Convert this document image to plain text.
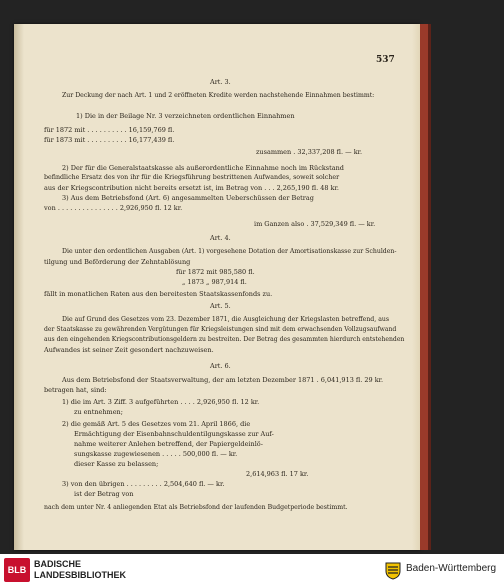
537
Art. 3.
Zur Deckung der nach Art. 1 und 2 eröffneten Kredite werden nachstehende Einnahmen bestimmt:
1) Die in der Beilage Nr. 3 verzeichneten ordentlichen Einnahmen
für 1872 mit . . . . . . . . . . 16,159,769 fl.
für 1873 mit . . . . . . . . . . 16,177,439 fl.
zusammen . 32,337,208 fl. — kr.
2) Der für die Generalstaatskasse als außerordentliche Einnahme noch im Rückstand
befindliche Ersatz des von ihr für die Kriegsführung bestrittenen Aufwandes, soweit solcher
aus der Kriegscontribution nicht bereits ersetzt ist, im Betrag von . . . 2,265,190 fl. 48 kr.
3) Aus dem Betriebsfond (Art. 6) angesammelten Ueberschüssen der Betrag
von . . . . . . . . . . . . . . . 2,926,950 fl. 12 kr.
im Ganzen also . 37,529,349 fl. — kr.
Art. 4.
Die unter den ordentlichen Ausgaben (Art. 1) vorgesehene Dotation der Amortisationskasse zur Schulden-
tilgung und Beförderung der Zehntablösung
für 1872 mit 985,580 fl.
„ 1873 „ 987,914 fl.
fällt in monatlichen Raten aus den bereitesten Staatskassenfonds zu.
Art. 5.
Die auf Grund des Gesetzes vom 23. Dezember 1871, die Ausgleichung der Kriegslasten betreffend, aus
der Staatskasse zu gewährenden Vergütungen für Kriegsleistungen sind mit dem erwachsenden Vollzugsaufwand
aus den eingehenden Kriegscontributionsgeldern zu bestreiten. Der Betrag des gesammten hierdurch entstehenden
Aufwandes ist seiner Zeit gesondert nachzuweisen.
Art. 6.
Aus dem Betriebsfond der Staatsverwaltung, der am letzten Dezember 1871 . 6,041,913 fl. 29 kr.
betragen hat, sind:
1) die im Art. 3 Ziff. 3 aufgeführten . . . . 2,926,950 fl. 12 kr.
zu entnehmen;
2) die gemäß Art. 5 des Gesetzes vom 21. April 1866, die
Ermächtigung der Eisenbahnschuldentilgungskasse zur Auf-
nahme weiterer Anlehen betreffend, der Papiergeldeinlö-
sungskasse zugewiesenen . . . . . 500,000 fl. — kr.
dieser Kasse zu belassen;
2,614,963 fl. 17 kr.
3) von den übrigen . . . . . . . . . 2,504,640 fl. — kr.
ist der Betrag von
nach dem unter Nr. 4 anliegenden Etat als Betriebsfond der laufenden Budgetperiode bestimmt.
BLB
BADISCHE
LANDESBIBLIOTHEK
Baden-Württemberg
